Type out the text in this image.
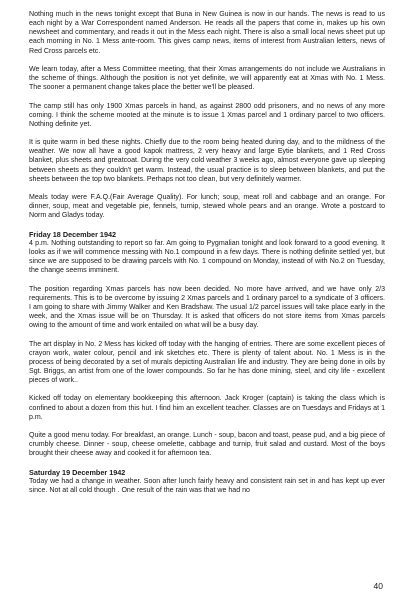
Nothing much in the news tonight except that Buna in New Guinea is now in our hands. The news is read to us each night by a War Correspondent named Anderson. He reads all the papers that come in, makes up his own newsheet and commentary, and reads it out in the Mess each night. There is also a small local news sheet put up each morning in No. 1 Mess ante-room. This gives camp news, items of interest from Australian letters, news of Red Cross parcels etc.

We learn today, after a Mess Committee meeting, that their Xmas arrangements do not include we Australians in the scheme of things. Although the position is not yet definite, we will apparently eat at Xmas with No. 1 Mess. The sooner a permanent change takes place the better we'll be pleased.

The camp still has only 1900 Xmas parcels in hand, as against 2800 odd prisoners, and no news of any more coming. I think the scheme mooted at the minute is to issue 1 Xmas parcel and 1 ordinary parcel to two officers. Nothing definite yet.

It is quite warm in bed these nights. Chiefly due to the room being heated during day, and to the mildness of the weather. We now all have a good kapok mattress, 2 very heavy and large Eytie blankets, and 1 Red Cross blanket, plus sheets and greatcoat. During the very cold weather 3 weeks ago, almost everyone gave up sleeping between sheets as they couldn't get warm. Instead, the usual practice is to sleep between blankets, and put the sheets between the top two blankets. Perhaps not too clean, but very definitely warmer.

Meals today were F.A.Q.(Fair Average Quality). For lunch; soup, meat roll and cabbage and an orange. For dinner, soup, meat and vegetable pie, fennels, turnip, stewed whole pears and an orange. Wrote a postcard to Norm and Gladys today.

Friday 18 December 1942

4 p.m. Nothing outstanding to report so far. Am going to Pygmalian tonight and look forward to a good evening. It looks as if we will commence messing with No.1 compound in a few days. There is nothing definite settled yet, but since we are supposed to be drawing parcels with No. 1 compound on Monday, instead of with No.2 on Tuesday, the change seems imminent.

The position regarding Xmas parcels has now been decided. No more have arrived, and we have only 2/3 requirements. This is to be overcome by issuing 2 Xmas parcels and 1 ordinary parcel to a syndicate of 3 officers. I am going to share with Jimmy Walker and Ken Bradshaw. The usual 1/2 parcel issues will take place early in the week, and the Xmas issue will be on Thursday. It is asked that officers do not store items from Xmas parcels owing to the amount of time and work entailed on what will be a busy day.

The art display in No. 2 Mess has kicked off today with the hanging of entries. There are some excellent pieces of crayon work, water colour, pencil and ink sketches etc. There is plenty of talent about. No. 1 Mess is in the process of being decorated by a set of murals depicting Australian life and industry. They are being done in oils by Sgt. Briggs, an artist from one of the lower compounds. So far he has done mining, steel, and city life - excellent pieces of work..

Kicked off today on elementary bookkeeping this afternoon. Jack Kroger (captain) is taking the class which is confined to about a dozen from this hut. I find him an excellent teacher. Classes are on Tuesdays and Fridays at 1 p.m.

Quite a good menu today. For breakfast, an orange. Lunch - soup, bacon and toast, pease pud, and a big piece of crumbly cheese. Dinner - soup, cheese omelette, cabbage and turnip, fruit salad and custard. Most of the boys brought their cheese away and cooked it for afternoon tea.

Saturday 19 December 1942

Today we had a change in weather. Soon after lunch fairly heavy and consistent rain set in and has kept up ever since. Not at all cold though . One result of the rain was that we had no

40
